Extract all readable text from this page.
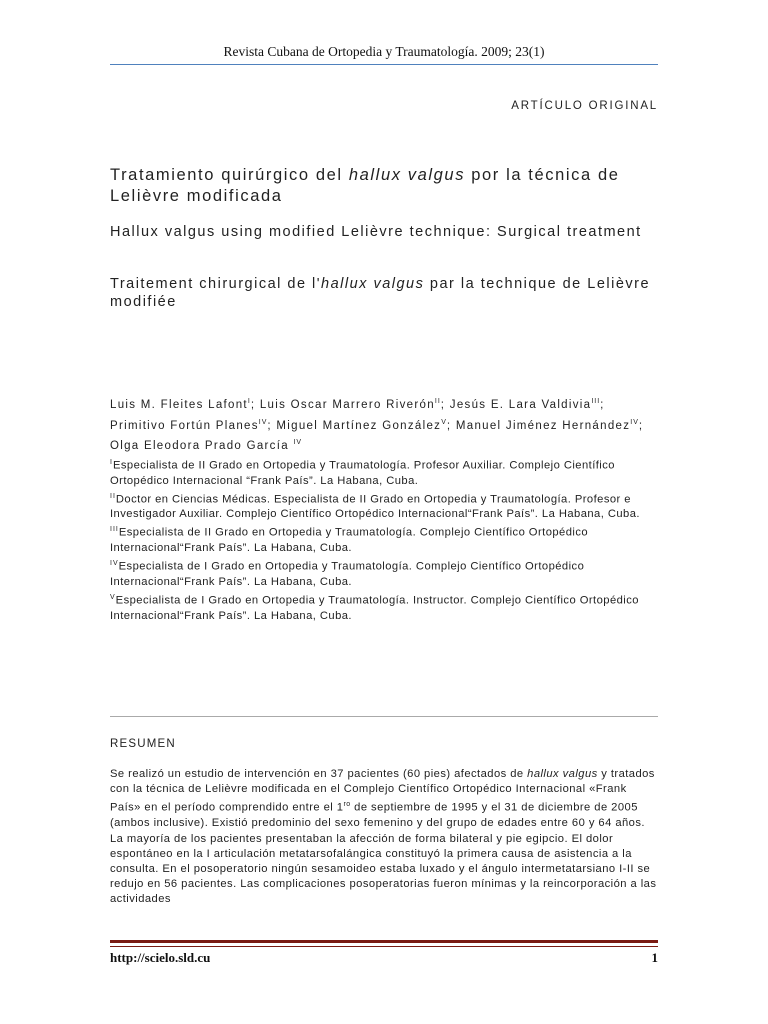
Revista Cubana de Ortopedia y Traumatología. 2009; 23(1)
ARTÍCULO ORIGINAL
Tratamiento quirúrgico del hallux valgus por la técnica de Lelièvre modificada
Hallux valgus using modified Lelièvre technique: Surgical treatment
Traitement chirurgical de l'hallux valgus par la technique de Lelièvre modifiée
Luis M. Fleites Lafont$^I$; Luis Oscar Marrero Riverón$^{II}$; Jesús E. Lara Valdivia$^{III}$; Primitivo Fortún Planes$^{IV}$; Miguel Martínez González$^V$; Manuel Jiménez Hernández$^{IV}$; Olga Eleodora Prado García $^{IV}$

$^I$Especialista de II Grado en Ortopedia y Traumatología. Profesor Auxiliar. Complejo Científico Ortopédico Internacional “Frank País”. La Habana, Cuba.

$^{II}$Doctor en Ciencias Médicas. Especialista de II Grado en Ortopedia y Traumatología. Profesor e Investigador Auxiliar. Complejo Científico Ortopédico Internacional“Frank País”. La Habana, Cuba.

$^{III}$Especialista de II Grado en Ortopedia y Traumatología. Complejo Científico Ortopédico Internacional“Frank País”. La Habana, Cuba.

$^{IV}$Especialista de I Grado en Ortopedia y Traumatología. Complejo Científico Ortopédico Internacional“Frank País”. La Habana, Cuba.

$^V$Especialista de I Grado en Ortopedia y Traumatología. Instructor. Complejo Científico Ortopédico Internacional“Frank País”. La Habana, Cuba.

RESUMEN
Se realizó un estudio de intervención en 37 pacientes (60 pies) afectados de hallux valgus y tratados con la técnica de Lelièvre modificada en el Complejo Científico Ortopédico Internacional «Frank País» en el período comprendido entre el $1^{ro}$ de septiembre de 1995 y el 31 de diciembre de 2005 (ambos inclusive). Existió predominio del sexo femenino y del grupo de edades entre 60 y 64 años. La mayoría de los pacientes presentaban la afección de forma bilateral y pie egipcio. El dolor espontáneo en la I articulación metatarsofalángica constituyó la primera causa de asistencia a la consulta. En el posoperatorio ningún sesamoideo estaba luxado y el ángulo intermetatarsiano I-II se redujo en 56 pacientes. Las complicaciones posoperatorias fueron mínimas y la reincorporación a las actividades
http://scielo.sld.cu	1
